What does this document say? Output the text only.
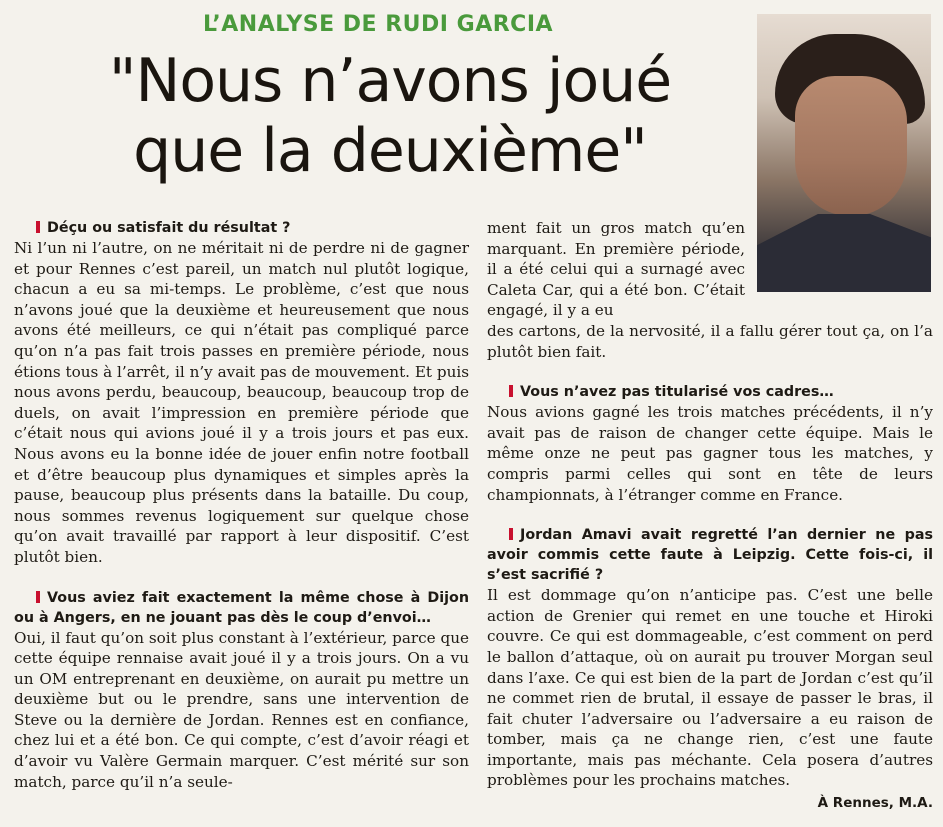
L’ANALYSE DE RUDI GARCIA
"Nous n’avons joué
que la deuxième"

Déçu ou satisfait du résultat ?

Ni l’un ni l’autre, on ne méritait ni de perdre ni de gagner et pour Rennes c’est pareil, un match nul plutôt logique, chacun a eu sa mi-temps. Le problème, c’est que nous n’avons joué que la deuxième et heureusement que nous avons été meilleurs, ce qui n’était pas compliqué parce qu’on n’a pas fait trois passes en première période, nous étions tous à l’arrêt, il n’y avait pas de mouvement. Et puis nous avons perdu, beaucoup, beaucoup, beaucoup trop de duels, on avait l’impression en première période que c’était nous qui avions joué il y a trois jours et pas eux. Nous avons eu la bonne idée de jouer enfin notre football et d’être beaucoup plus dynamiques et simples après la pause, beaucoup plus présents dans la bataille. Du coup, nous sommes revenus logiquement sur quelque chose qu’on avait travaillé par rapport à leur dispositif. C’est plutôt bien.

Vous aviez fait exactement la même chose à Dijon ou à Angers, en ne jouant pas dès le coup d’envoi…

Oui, il faut qu’on soit plus constant à l’extérieur, parce que cette équipe rennaise avait joué il y a trois jours. On a vu un OM entreprenant en deuxième, on aurait pu mettre un deuxième but ou le prendre, sans une intervention de Steve ou la dernière de Jordan. Rennes est en confiance, chez lui et a été bon. Ce qui compte, c’est d’avoir réagi et d’avoir vu Valère Germain marquer. C’est mérité sur son match, parce qu’il n’a seule-

ment fait un gros match qu’en marquant. En première période, il a été celui qui a surnagé avec Caleta Car, qui a été bon. C’était engagé, il y a eu

des cartons, de la nervosité, il a fallu gérer tout ça, on l’a plutôt bien fait.

Vous n’avez pas titularisé vos cadres…

Nous avions gagné les trois matches précédents, il n’y avait pas de raison de changer cette équipe. Mais le même onze ne peut pas gagner tous les matches, y compris parmi celles qui sont en tête de leurs championnats, à l’étranger comme en France.

Jordan Amavi avait regretté l’an dernier ne pas avoir commis cette faute à Leipzig. Cette fois-ci, il s’est sacrifié ?

Il est dommage qu’on n’anticipe pas. C’est une belle action de Grenier qui remet en une touche et Hiroki couvre. Ce qui est dommageable, c’est comment on perd le ballon d’attaque, où on aurait pu trouver Morgan seul dans l’axe. Ce qui est bien de la part de Jordan c’est qu’il ne commet rien de brutal, il essaye de passer le bras, il fait chuter l’adversaire ou l’adversaire a eu raison de tomber, mais ça ne change rien, c’est une faute importante, mais pas méchante. Cela posera d’autres problèmes pour les prochains matches.

À Rennes, M.A.
